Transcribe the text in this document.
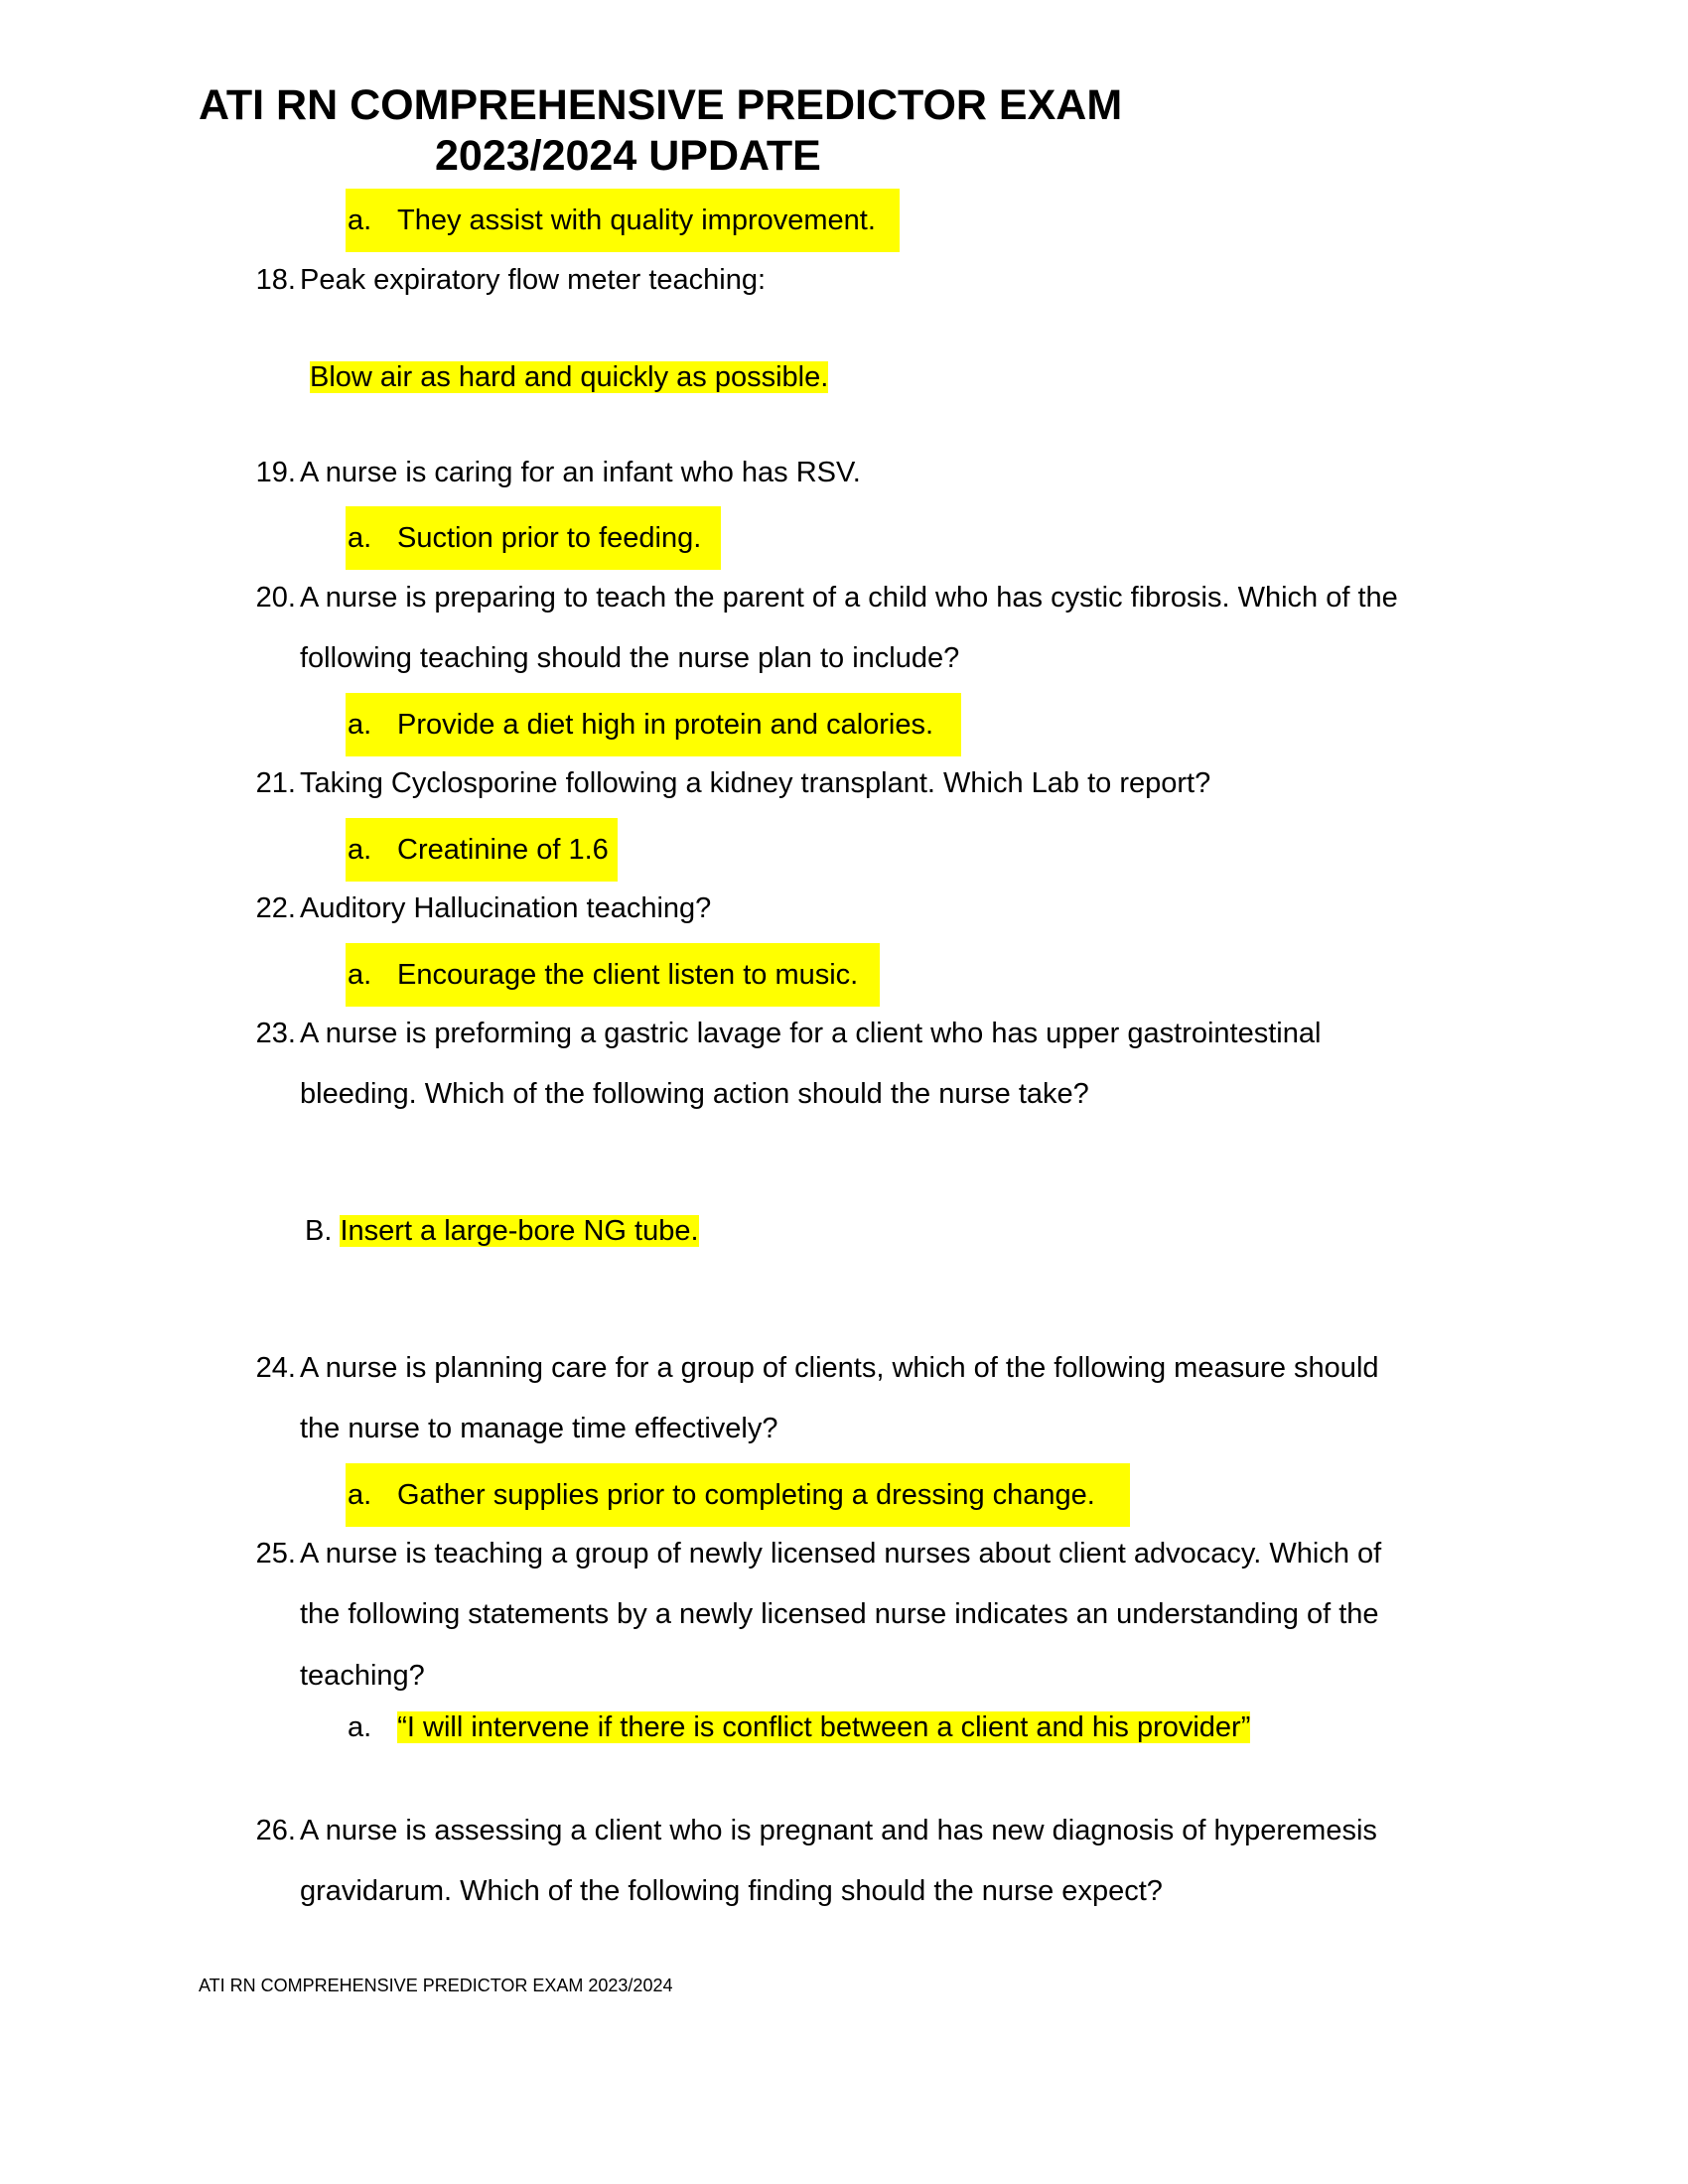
ATI RN COMPREHENSIVE PREDICTOR EXAM
2023/2024 UPDATE
a. They assist with quality improvement.
18. Peak expiratory flow meter teaching:
Blow air as hard and quickly as possible.
19. A nurse is caring for an infant who has RSV.
a. Suction prior to feeding.
20. A nurse is preparing to teach the parent of a child who has cystic fibrosis. Which of the
following teaching should the nurse plan to include?
a. Provide a diet high in protein and calories.
21. Taking Cyclosporine following a kidney transplant. Which Lab to report?
a. Creatinine of 1.6
22. Auditory Hallucination teaching?
a. Encourage the client listen to music.
23. A nurse is preforming a gastric lavage for a client who has upper gastrointestinal
bleeding. Which of the following action should the nurse take?
B. Insert a large-bore NG tube.
24. A nurse is planning care for a group of clients, which of the following measure should
the nurse to manage time effectively?
a. Gather supplies prior to completing a dressing change.
25. A nurse is teaching a group of newly licensed nurses about client advocacy. Which of
the following statements by a newly licensed nurse indicates an understanding of the
teaching?
a. “I will intervene if there is conflict between a client and his provider”
26. A nurse is assessing a client who is pregnant and has new diagnosis of hyperemesis
gravidarum. Which of the following finding should the nurse expect?
ATI RN COMPREHENSIVE PREDICTOR EXAM 2023/2024
